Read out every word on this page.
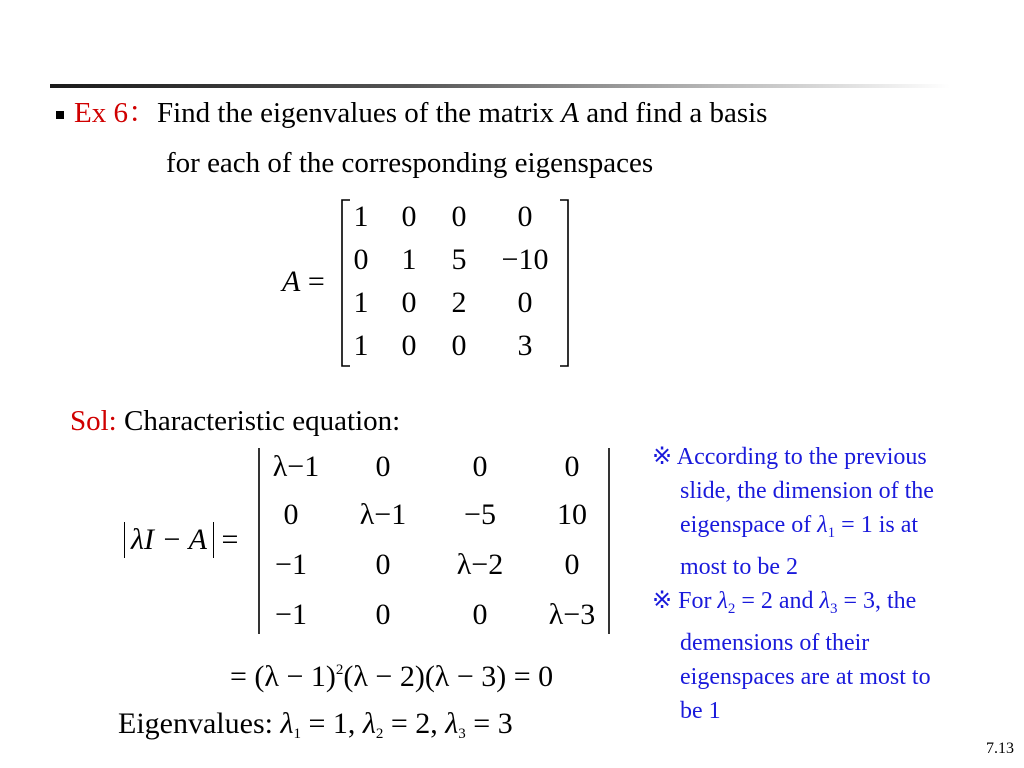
Ex 6：Find the eigenvalues of the matrix A and find a basis
for each of the corresponding eigenspaces
A =
1	0	0	0
0	1	5	−10
1	0	2	0
1	0	0	3
Sol: Characteristic equation:
λI − A =
λ−1	0	0	0
0	λ−1	−5	10
−1	0	λ−2	0
−1	0	0	λ−3
= $(\lambda - 1)^2(\lambda - 2)(\lambda - 3) = 0$
Eigenvalues: $\lambda_1 = 1$, $\lambda_2 = 2$, $\lambda_3 = 3$
※ According to the previous
slide, the dimension of the
eigenspace of $\lambda_1 = 1$ is at
most to be 2
※ For $\lambda_2 = 2$ and $\lambda_3 = 3$, the
demensions of their
eigenspaces are at most to
be 1
7.13
